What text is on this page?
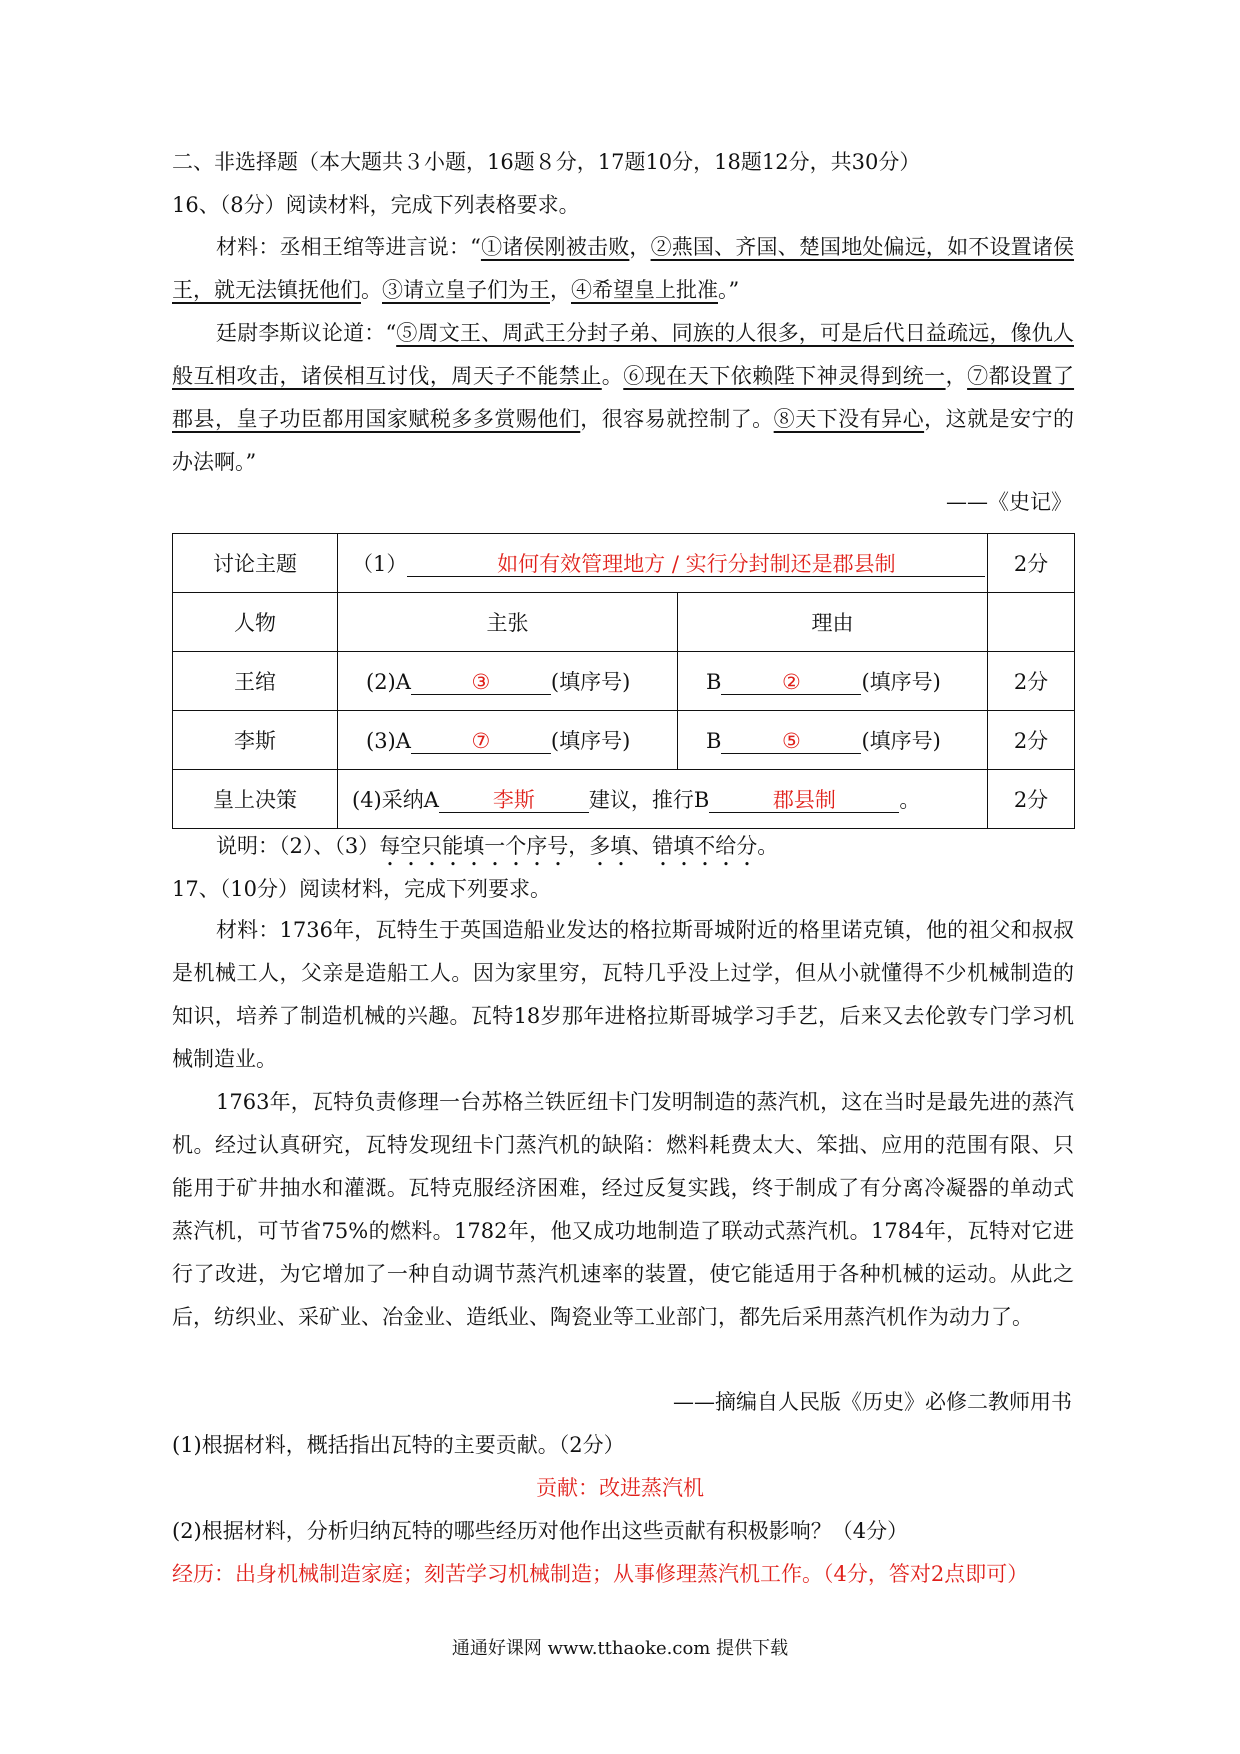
二、非选择题（本大题共３小题，16题８分，17题10分，18题12分，共30分）
16、（8分）阅读材料，完成下列表格要求。

材料：丞相王绾等进言说：“①诸侯刚被击败，②燕国、齐国、楚国地处偏远，如不设置诸侯王，就无法镇抚他们。③请立皇子们为王，④希望皇上批准。”

廷尉李斯议论道：“⑤周文王、周武王分封子弟、同族的人很多，可是后代日益疏远，像仇人般互相攻击，诸侯相互讨伐，周天子不能禁止。⑥现在天下依赖陛下神灵得到统一，⑦都设置了郡县，皇子功臣都用国家赋税多多赏赐他们，很容易就控制了。⑧天下没有异心，这就是安宁的办法啊。”

——《史记》
讨论主题	（1） 如何有效管理地方 / 实行分封制还是郡县制		2分
人物	主张	理由	
王绾	(2)A ③ (填序号)	B ② (填序号)	2分
李斯	(3)A ⑦ (填序号)	B ⑤ (填序号)	2分
皇上决策	(4)采纳A 李斯 建议，推行B 郡县制 。		2分
说明：（2）、（3）每空只能填一个序号，多填、错填不给分。
17、（10分）阅读材料，完成下列要求。

材料：1736年，瓦特生于英国造船业发达的格拉斯哥城附近的格里诺克镇，他的祖父和叔叔是机械工人，父亲是造船工人。因为家里穷，瓦特几乎没上过学，但从小就懂得不少机械制造的知识，培养了制造机械的兴趣。瓦特18岁那年进格拉斯哥城学习手艺，后来又去伦敦专门学习机械制造业。

1763年，瓦特负责修理一台苏格兰铁匠纽卡门发明制造的蒸汽机，这在当时是最先进的蒸汽机。经过认真研究，瓦特发现纽卡门蒸汽机的缺陷：燃料耗费太大、笨拙、应用的范围有限、只能用于矿井抽水和灌溉。瓦特克服经济困难，经过反复实践，终于制成了有分离冷凝器的单动式蒸汽机，可节省75%的燃料。1782年，他又成功地制造了联动式蒸汽机。1784年，瓦特对它进行了改进，为它增加了一种自动调节蒸汽机速率的装置，使它能适用于各种机械的运动。从此之后，纺织业、采矿业、冶金业、造纸业、陶瓷业等工业部门，都先后采用蒸汽机作为动力了。

——摘编自人民版《历史》必修二教师用书
(1)根据材料，概括指出瓦特的主要贡献。（2分）
贡献：改进蒸汽机
(2)根据材料，分析归纳瓦特的哪些经历对他作出这些贡献有积极影响？（4分）
经历：出身机械制造家庭；刻苦学习机械制造；从事修理蒸汽机工作。（4分，答对2点即可）
通通好课网 www.tthaoke.com 提供下载
